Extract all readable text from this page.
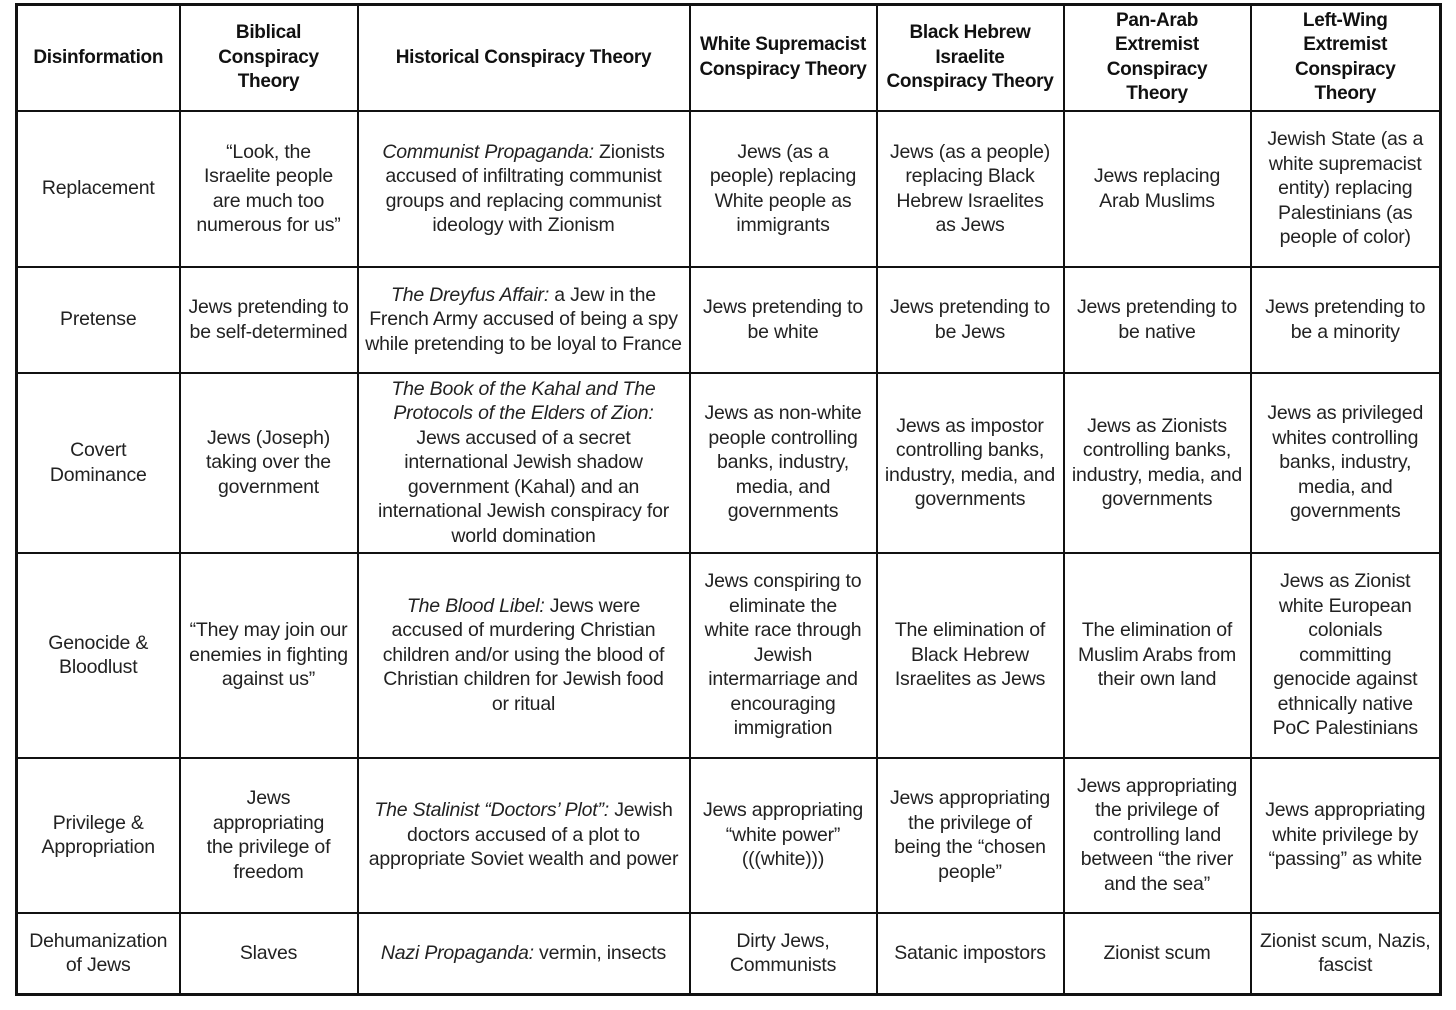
Disinformation	Biblical Conspiracy Theory	Historical Conspiracy Theory	White Supremacist Conspiracy Theory	Black Hebrew Israelite Conspiracy Theory	Pan-Arab Extremist Conspiracy Theory	Left-Wing Extremist Conspiracy Theory
Replacement	“Look, the Israelite people are much too numerous for us”	Communist Propaganda: Zionists accused of infiltrating communist groups and replacing communist ideology with Zionism	Jews (as a people) replacing White people as immigrants	Jews (as a people) replacing Black Hebrew Israelites as Jews	Jews replacing Arab Muslims	Jewish State (as a white supremacist entity) replacing Palestinians (as people of color)
Pretense	Jews pretending to be self-determined	The Dreyfus Affair: a Jew in the French Army accused of being a spy while pretending to be loyal to France	Jews pretending to be white	Jews pretending to be Jews	Jews pretending to be native	Jews pretending to be a minority
Covert Dominance	Jews (Joseph) taking over the government	The Book of the Kahal and The Protocols of the Elders of Zion: Jews accused of a secret international Jewish shadow government (Kahal) and an international Jewish conspiracy for world domination	Jews as non-white people controlling banks, industry, media, and governments	Jews as impostor controlling banks, industry, media, and governments	Jews as Zionists controlling banks, industry, media, and governments	Jews as privileged whites controlling banks, industry, media, and governments
Genocide & Bloodlust	“They may join our enemies in fighting against us”	The Blood Libel: Jews were accused of murdering Christian children and/or using the blood of Christian children for Jewish food or ritual	Jews conspiring to eliminate the white race through Jewish intermarriage and encouraging immigration	The elimination of Black Hebrew Israelites as Jews	The elimination of Muslim Arabs from their own land	Jews as Zionist white European colonials committing genocide against ethnically native PoC Palestinians
Privilege & Appropriation	Jews appropriating the privilege of freedom	The Stalinist “Doctors’ Plot”: Jewish doctors accused of a plot to appropriate Soviet wealth and power	Jews appropriating “white power” (((white)))	Jews appropriating the privilege of being the “chosen people”	Jews appropriating the privilege of controlling land between “the river and the sea”	Jews appropriating white privilege by “passing” as white
Dehumanization of Jews	Slaves	Nazi Propaganda: vermin, insects	Dirty Jews, Communists	Satanic impostors	Zionist scum	Zionist scum, Nazis, fascist
